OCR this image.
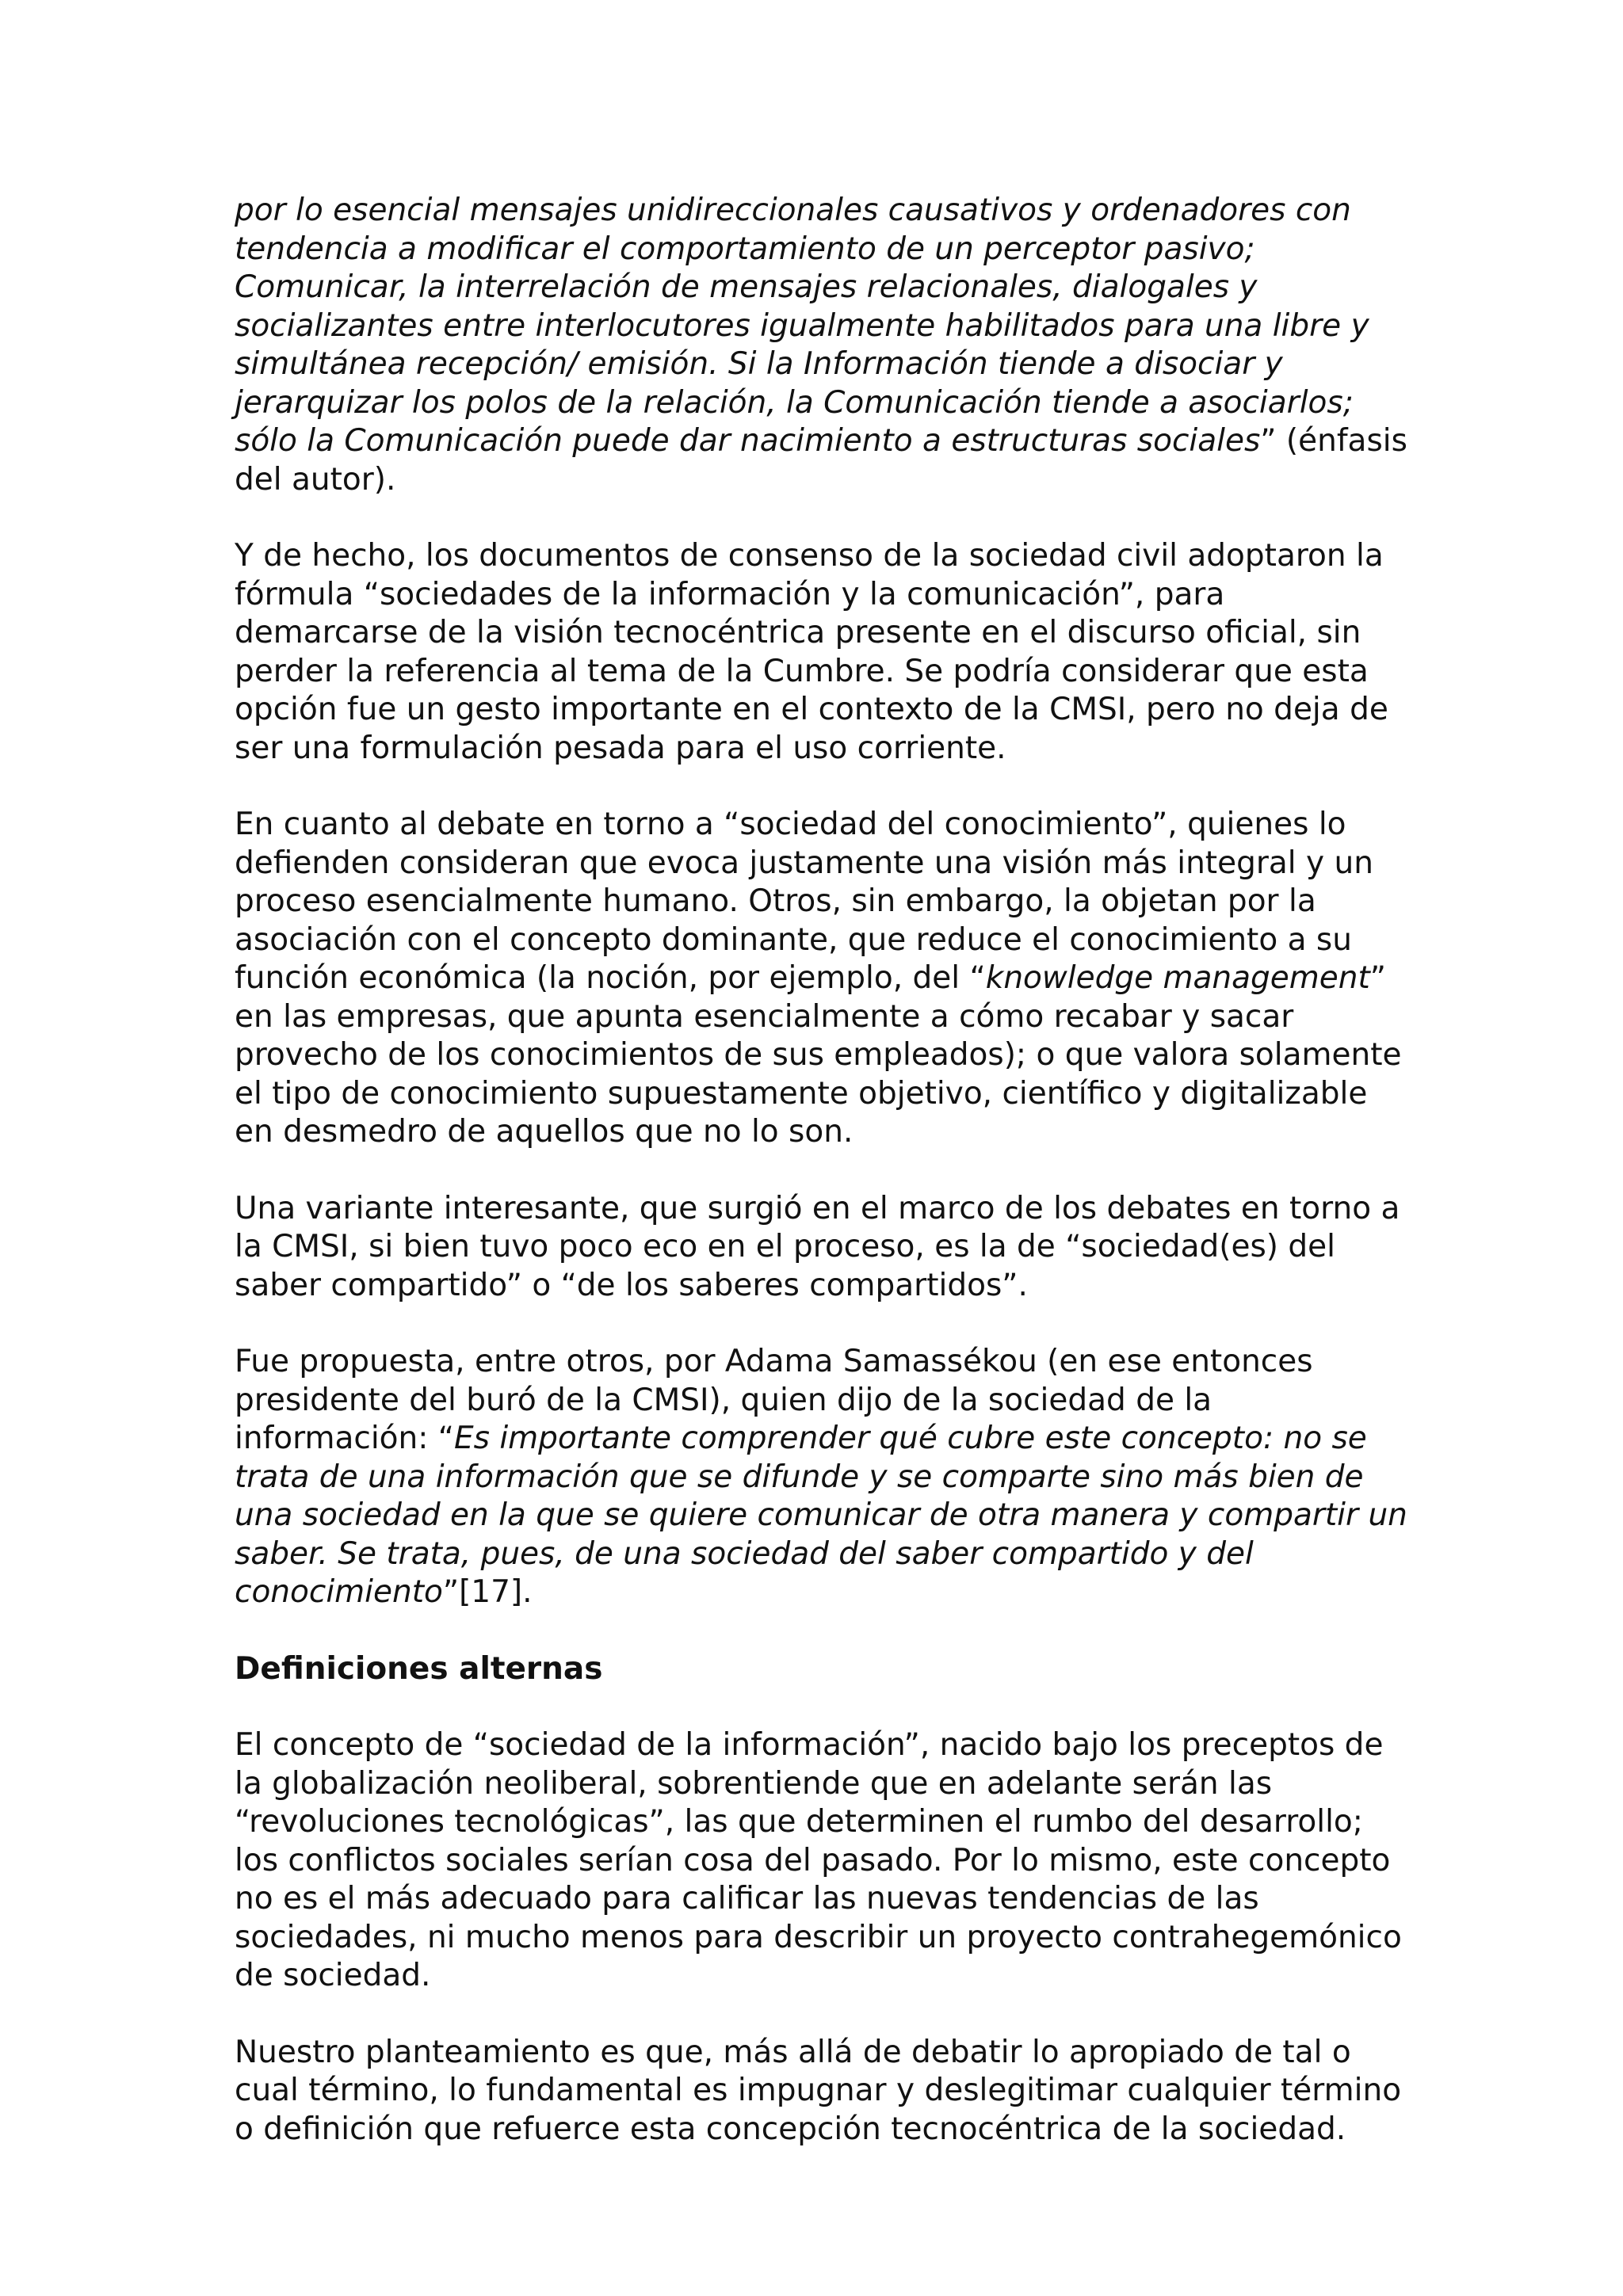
por lo esencial mensajes unidireccionales causativos y ordenadores con tendencia a modificar el comportamiento de un perceptor pasivo; Comunicar, la interrelación de mensajes relacionales, dialogales y socializantes entre interlocutores igualmente habilitados para una libre y simultánea recepción/ emisión. Si la Información tiende a disociar y jerarquizar los polos de la relación, la Comunicación tiende a asociarlos; sólo la Comunicación puede dar nacimiento a estructuras sociales” (énfasis del autor).

Y de hecho, los documentos de consenso de la sociedad civil adoptaron la fórmula “sociedades de la información y la comunicación”, para demarcarse de la visión tecnocéntrica presente en el discurso oficial, sin perder la referencia al tema de la Cumbre. Se podría considerar que esta opción fue un gesto importante en el contexto de la CMSI, pero no deja de ser una formulación pesada para el uso corriente.

En cuanto al debate en torno a “sociedad del conocimiento”, quienes lo defienden consideran que evoca justamente una visión más integral y un proceso esencialmente humano. Otros, sin embargo, la objetan por la asociación con el concepto dominante, que reduce el conocimiento a su función económica (la noción, por ejemplo, del “knowledge management” en las empresas, que apunta esencialmente a cómo recabar y sacar provecho de los conocimientos de sus empleados); o que valora solamente el tipo de conocimiento supuestamente objetivo, científico y digitalizable en desmedro de aquellos que no lo son.

Una variante interesante, que surgió en el marco de los debates en torno a la CMSI, si bien tuvo poco eco en el proceso, es la de “sociedad(es) del saber compartido” o “de los saberes compartidos”.

Fue propuesta, entre otros, por Adama Samassékou (en ese entonces presidente del buró de la CMSI), quien dijo de la sociedad de la información: “Es importante comprender qué cubre este concepto: no se trata de una información que se difunde y se comparte sino más bien de una sociedad en la que se quiere comunicar de otra manera y compartir un saber. Se trata, pues, de una sociedad del saber compartido y del conocimiento”[17].

Definiciones alternas

El concepto de “sociedad de la información”, nacido bajo los preceptos de la globalización neoliberal, sobrentiende que en adelante serán las “revoluciones tecnológicas”, las que determinen el rumbo del desarrollo; los conflictos sociales serían cosa del pasado. Por lo mismo, este concepto no es el más adecuado para calificar las nuevas tendencias de las sociedades, ni mucho menos para describir un proyecto contrahegemónico de sociedad.

Nuestro planteamiento es que, más allá de debatir lo apropiado de tal o cual término, lo fundamental es impugnar y deslegitimar cualquier término o definición que refuerce esta concepción tecnocéntrica de la sociedad.
